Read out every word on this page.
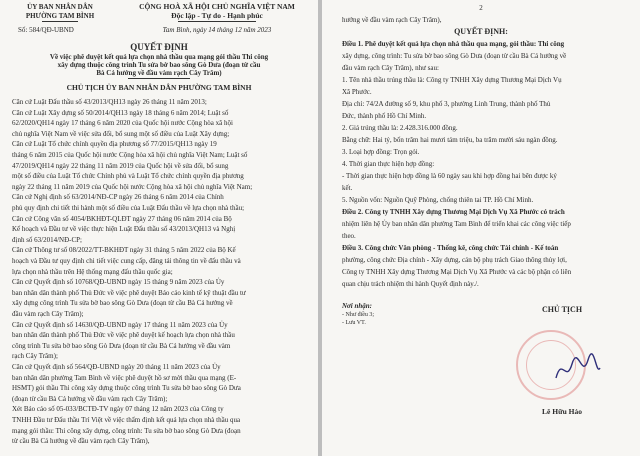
ỦY BAN NHÂN DÂN
PHƯỜNG TAM BÌNH
Số: 584/QĐ-UBND
CỘNG HOÀ XÃ HỘI CHỦ NGHĨA VIỆT NAM
Độc lập - Tự do - Hạnh phúc
Tam Bình, ngày 14 tháng 12 năm 2023
QUYẾT ĐỊNH
Về việc phê duyệt kết quả lựa chọn nhà thầu qua mạng gói thầu Thi công
xây dựng thuộc công trình Tu sửa bờ bao sông Gò Dưa (đoạn từ cầu
Bà Cả hướng về đầu vàm rạch Cây Trâm)
CHỦ TỊCH ỦY BAN NHÂN DÂN PHƯỜNG TAM BÌNH
Căn cứ Luật Đấu thầu số 43/2013/QH13 ngày 26 tháng 11 năm 2013;
Căn cứ Luật Xây dựng số 50/2014/QH13 ngày 18 tháng 6 năm 2014; Luật số
62/2020/QH14 ngày 17 tháng 6 năm 2020 của Quốc hội nước Cộng hòa xã hội
chủ nghĩa Việt Nam về việc sửa đổi, bổ sung một số điều của Luật Xây dựng;
Căn cứ Luật Tổ chức chính quyền địa phương số 77/2015/QH13 ngày 19
tháng 6 năm 2015 của Quốc hội nước Cộng hòa xã hội chủ nghĩa Việt Nam; Luật số
47/2019/QH14 ngày 22 tháng 11 năm 2019 của Quốc hội về sửa đổi, bổ sung
một số điều của Luật Tổ chức Chính phủ và Luật Tổ chức chính quyền địa phương
ngày 22 tháng 11 năm 2019 của Quốc hội nước Cộng hòa xã hội chủ nghĩa Việt Nam;
Căn cứ Nghị định số 63/2014/NĐ-CP ngày 26 tháng 6 năm 2014 của Chính
phủ quy định chi tiết thi hành một số điều của Luật Đấu thầu về lựa chọn nhà thầu;
Căn cứ Công văn số 4054/BKHĐT-QLĐT ngày 27 tháng 06 năm 2014 của Bộ
Kế hoạch và Đầu tư về việc thực hiện Luật Đấu thầu số 43/2013/QH13 và Nghị
định số 63/2014/NĐ-CP;
Căn cứ Thông tư số 08/2022/TT-BKHĐT ngày 31 tháng 5 năm 2022 của Bộ Kế
hoạch và Đầu tư quy định chi tiết việc cung cấp, đăng tải thông tin về đấu thầu và
lựa chọn nhà thầu trên Hệ thống mạng đấu thầu quốc gia;
Căn cứ Quyết định số 10768/QĐ-UBND ngày 15 tháng 9 năm 2023 của Ủy
ban nhân dân thành phố Thủ Đức về việc phê duyệt Báo cáo kinh tế kỹ thuật đầu tư
xây dựng công trình Tu sửa bờ bao sông Gò Dưa (đoạn từ cầu Bà Cả hướng về
đầu vàm rạch Cây Trâm);
Căn cứ Quyết định số 14630/QĐ-UBND ngày 17 tháng 11 năm 2023 của Ủy
ban nhân dân thành phố Thủ Đức về việc phê duyệt kế hoạch lựa chọn nhà thầu
công trình Tu sửa bờ bao sông Gò Dưa (đoạn từ cầu Bà Cả hướng về đầu vàm
rạch Cây Trâm);
Căn cứ Quyết định số 564/QĐ-UBND ngày 20 tháng 11 năm 2023 của Ủy
ban nhân dân phường Tam Bình về việc phê duyệt hồ sơ mời thầu qua mạng (E-
HSMT) gói thầu Thi công xây dựng thuộc công trình Tu sửa bờ bao sông Gò Dưa
(đoạn từ cầu Bà Cả hướng về đầu vàm rạch Cây Trâm);
Xét Báo cáo số 05-033/BCTĐ-TV ngày 07 tháng 12 năm 2023 của Công ty
TNHH Đầu tư Đấu thầu Trí Việt về việc thẩm định kết quả lựa chọn nhà thầu qua
mạng gói thầu: Thi công xây dựng, công trình: Tu sửa bờ bao sông Gò Dưa (đoạn
từ cầu Bà Cả hướng về đầu vàm rạch Cây Trâm),
2
hướng về đầu vàm rạch Cây Trâm),
QUYẾT ĐỊNH:
Điều 1. Phê duyệt kết quả lựa chọn nhà thầu qua mạng, gói thầu: Thi công
xây dựng, công trình: Tu sửa bờ bao sông Gò Dưa (đoạn từ cầu Bà Cả hướng về
đầu vàm rạch Cây Trâm), như sau:
1. Tên nhà thầu trúng thầu là: Công ty TNHH Xây dựng Thương Mại Dịch Vụ
Xã Phước.
Địa chỉ: 74/2A đường số 9, khu phố 3, phường Linh Trung, thành phố Thủ
Đức, thành phố Hồ Chí Minh.
2. Giá trúng thầu là: 2.428.316.000 đồng.
Bằng chữ: Hai tỷ, bốn trăm hai mươi tám triệu, ba trăm mười sáu ngàn đồng.
3. Loại hợp đồng: Trọn gói.
4. Thời gian thực hiện hợp đồng:
- Thời gian thực hiện hợp đồng là 60 ngày sau khi hợp đồng hai bên được ký
kết.
5. Nguồn vốn: Nguồn Quỹ Phòng, chống thiên tai TP. Hồ Chí Minh.
Điều 2. Công ty TNHH Xây dựng Thương Mại Dịch Vụ Xã Phước có trách
nhiệm liên hệ Ủy ban nhân dân phường Tam Bình để triển khai các công việc tiếp
theo.
Điều 3. Công chức Văn phòng - Thống kê, công chức Tài chính - Kế toán
phường, công chức Địa chính - Xây dựng, cán bộ phụ trách Giao thông thủy lợi,
Công ty TNHH Xây dựng Thương Mại Dịch Vụ Xã Phước và các bộ phận có liên
quan chịu trách nhiệm thi hành Quyết định này./.
Nơi nhận:
- Như điều 3;
- Lưu VT.
CHỦ TỊCH
Lê Hữu Hảo
